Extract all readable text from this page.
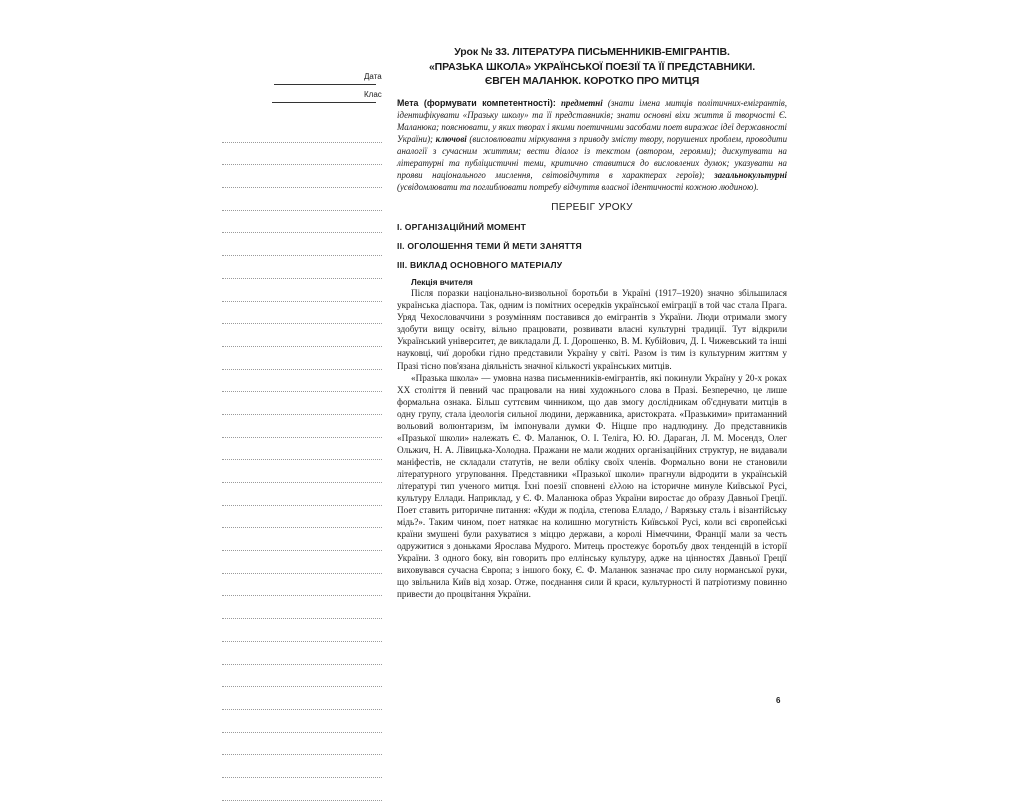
Дата
Клас

Урок № 33. ЛІТЕРАТУРА ПИСЬМЕННИКІВ-ЕМІГРАНТІВ.
«ПРАЗЬКА ШКОЛА» УКРАЇНСЬКОЇ ПОЕЗІЇ ТА ЇЇ ПРЕДСТАВНИКИ.
ЄВГЕН МАЛАНЮК. КОРОТКО ПРО МИТЦЯ

Мета (формувати компетентності): предметні (знати імена митців політичних-емігрантів, ідентифікувати «Празьку школу» та її представників; знати основні віхи життя й творчості Є. Маланюка; пояснювати, у яких творах і якими поетичними засобами поет виражає ідеї державності України); ключові (висловлювати міркування з приводу змісту твору, порушених проблем, проводити аналогії з сучасним життям; вести діалог із текстом (автором, героями); дискутувати на літературні та публіцистичні теми, критично ставитися до висловлених думок; указувати на прояви національного мислення, світовідчуття в характерах героїв); загальнокультурні (усвідомлювати та поглиблювати потребу відчуття власної ідентичності кожною людиною).
ПЕРЕБІГ УРОКУ
І. ОРГАНІЗАЦІЙНИЙ МОМЕНТ
ІІ. ОГОЛОШЕННЯ ТЕМИ Й МЕТИ ЗАНЯТТЯ
ІІІ. ВИКЛАД ОСНОВНОГО МАТЕРІАЛУ
Лекція вчителя

Після поразки національно-визвольної боротьби в Україні (1917–1920) значно збільшилася українська діаспора. Так, одним із помітних осередків української еміграції в той час стала Прага. Уряд Чехословаччини з розумінням поставився до емігрантів з України. Люди отримали змогу здобути вищу освіту, вільно працювати, розвивати власні культурні традиції. Тут відкрили Український університет, де викладали Д. І. Дорошенко, В. М. Кубійович, Д. І. Чижевський та інші науковці, чиї доробки гідно представили Україну у світі. Разом із тим із культурним життям у Празі тісно пов'язана діяльність значної кількості українських митців.

«Празька школа» — умовна назва письменників-емігрантів, які покинули Україну у 20-х роках ХХ століття й певний час працювали на ниві художнього слова в Празі. Безперечно, це лише формальна ознака. Більш суттєвим чинником, що дав змогу дослідникам об'єднувати митців в одну групу, стала ідеологія сильної людини, державника, аристократа. «Празькими» притаманний вольовий волюнтаризм, їм імпонували думки Ф. Ніцше про надлюдину. До представників «Празької школи» належать Є. Ф. Маланюк, О. І. Теліга, Ю. Ю. Дараган, Л. М. Мосендз, Олег Ольжич, Н. А. Лівицька-Холодна. Пражани не мали жодних організаційних структур, не видавали маніфестів, не складали статутів, не вели обліку своїх членів. Формально вони не становили літературного угруповання. Представники «Празької школи» прагнули відродити в українській літературі тип ученого митця. Їхні поезії сповнені ελλοю на історичне минуле Київської Русі, культуру Еллади. Наприклад, у Є. Ф. Маланюка образ України виростає до образу Давньої Греції. Поет ставить риторичне питання: «Куди ж поділа, степова Елладо, / Варязьку сталь і візантійську мідь?». Таким чином, поет натякає на колишню могутність Київської Русі, коли всі європейські країни змушені були рахуватися з міццю держави, а королі Німеччини, Франції мали за честь одружитися з доньками Ярослава Мудрого. Митець простежує боротьбу двох тенденцій в історії України. З одного боку, він говорить про еллінську культуру, адже на цінностях Давньої Греції виховувався сучасна Європа; з іншого боку, Є. Ф. Маланюк зазначає про силу норманської руки, що звільнила Київ від хозар. Отже, поєднання сили й краси, культурності й патріотизму повинно привести до процвітання України.

6
